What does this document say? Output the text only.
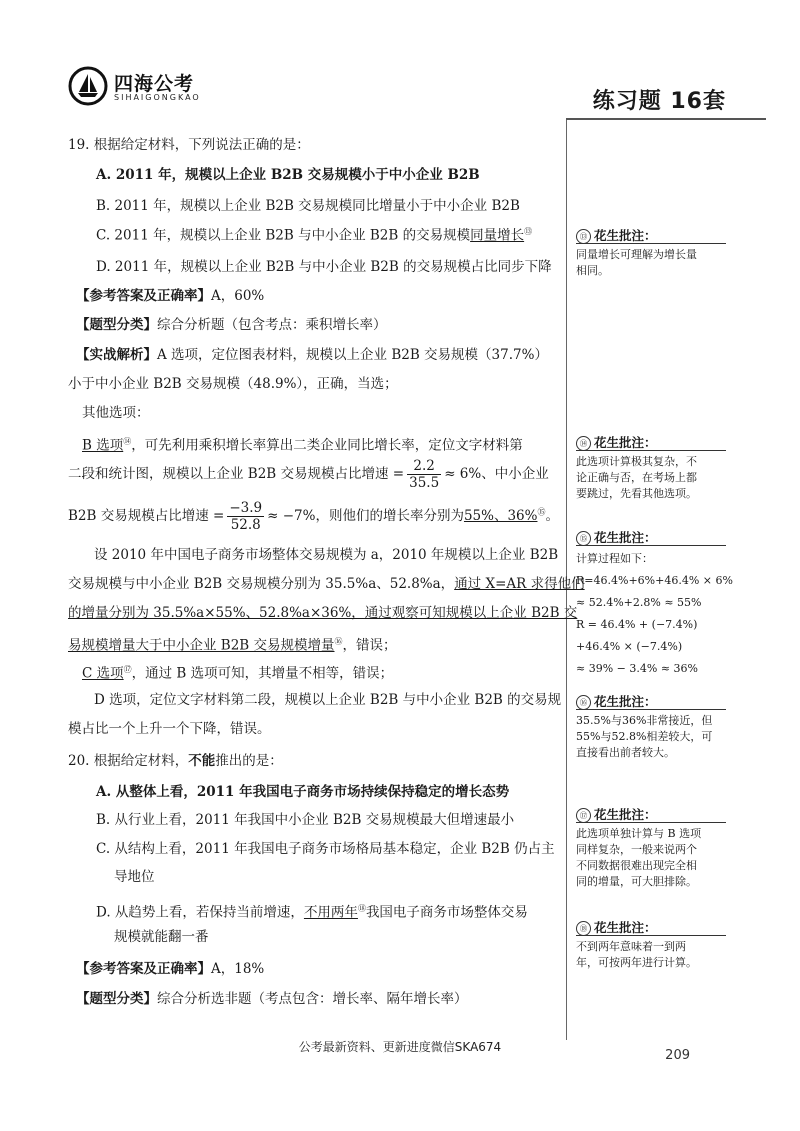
四海公考
SIHAIGONGKAO	练习题 16套
19. 根据给定材料，下列说法正确的是：
A. 2011 年，规模以上企业 B2B 交易规模小于中小企业 B2B
B. 2011 年，规模以上企业 B2B 交易规模同比增量小于中小企业 B2B
C. 2011 年，规模以上企业 B2B 与中小企业 B2B 的交易规模同量增长⑬
D. 2011 年，规模以上企业 B2B 与中小企业 B2B 的交易规模占比同步下降
【参考答案及正确率】A，60%
【题型分类】综合分析题（包含考点：乘积增长率）
【实战解析】A 选项，定位图表材料，规模以上企业 B2B 交易规模（37.7%）
小于中小企业 B2B 交易规模（48.9%），正确，当选；
其他选项：
B 选项⑭，可先利用乘积增长率算出二类企业同比增长率，定位文字材料第
二段和统计图，规模以上企业 B2B 交易规模占比增速 = $\frac{2.2}{35.5} \approx 6\%$、中小企业
B2B 交易规模占比增速 = $\frac{-3.9}{52.8} \approx -7\%$，则他们的增长率分别为55%、36%⑮。
设 2010 年中国电子商务市场整体交易规模为 a，2010 年规模以上企业 B2B
交易规模与中小企业 B2B 交易规模分别为 35.5%a、52.8%a，通过 X=AR 求得他们
的增量分别为 35.5%a×55%、52.8%a×36%，通过观察可知规模以上企业 B2B 交
易规模增量大于中小企业 B2B 交易规模增量⑯，错误；
C 选项⑰，通过 B 选项可知，其增量不相等，错误；
D 选项，定位文字材料第二段，规模以上企业 B2B 与中小企业 B2B 的交易规
模占比一个上升一个下降，错误。
20. 根据给定材料，不能推出的是：
A. 从整体上看，2011 年我国电子商务市场持续保持稳定的增长态势
B. 从行业上看，2011 年我国中小企业 B2B 交易规模最大但增速最小
C. 从结构上看，2011 年我国电子商务市场格局基本稳定，企业 B2B 仍占主
导地位
D. 从趋势上看，若保持当前增速，不用两年⑱我国电子商务市场整体交易
规模就能翻一番
【参考答案及正确率】A，18%
【题型分类】综合分析选非题（考点包含：增长率、隔年增长率）
⑬ 花生批注：
同量增长可理解为增长量
相同。
⑭ 花生批注：
此选项计算极其复杂，不
论正确与否，在考场上都
要跳过，先看其他选项。
⑮ 花生批注：
计算过程如下：
R=46.4%+6%+46.4% × 6%
≈ 52.4%+2.8% ≈ 55%
R = 46.4% + (−7.4%)
+46.4% × (−7.4%)
≈ 39% − 3.4% ≈ 36%
⑯ 花生批注：
35.5%与36%非常接近，但
55%与52.8%相差较大，可
直接看出前者较大。
⑰ 花生批注：
此选项单独计算与 B 选项
同样复杂，一般来说两个
不同数据很难出现完全相
同的增量，可大胆排除。
⑱ 花生批注：
不到两年意味着一到两
年，可按两年进行计算。
公考最新资料、更新进度微信SKA674
209
